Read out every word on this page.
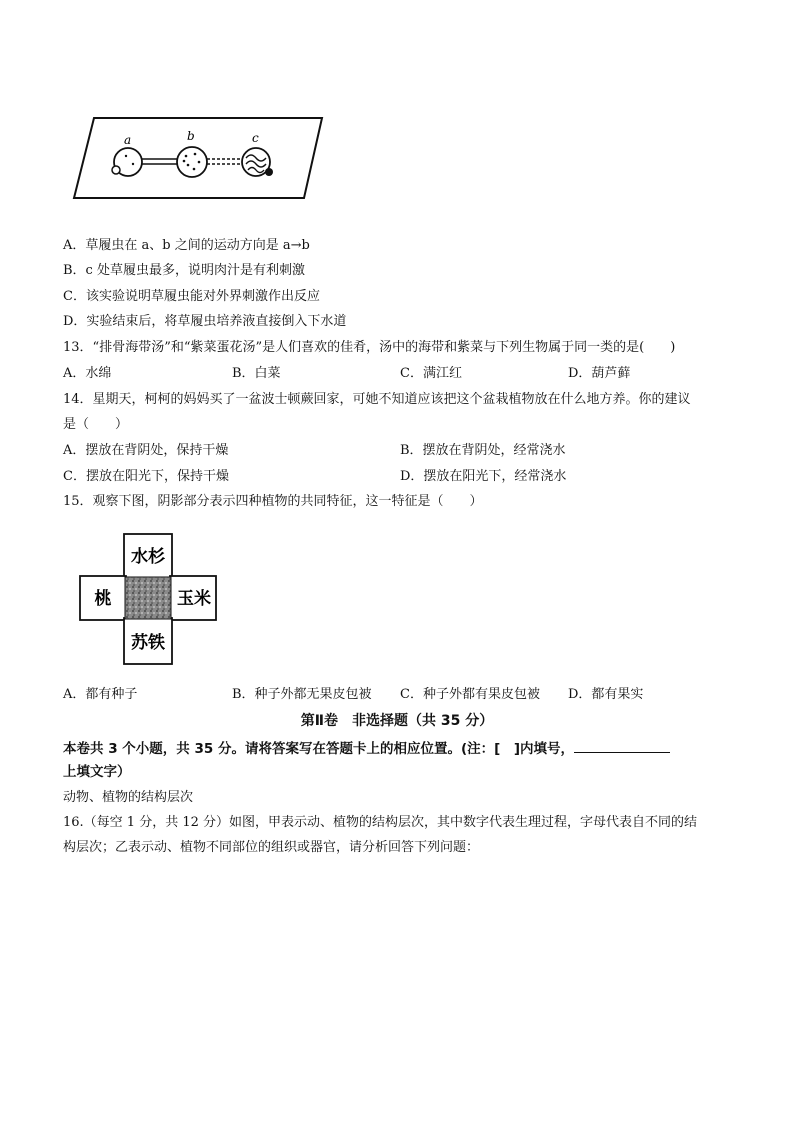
a	b	c
A．草履虫在 a、b 之间的运动方向是 a→b
B．c 处草履虫最多，说明肉汁是有利刺激
C．该实验说明草履虫能对外界刺激作出反应
D．实验结束后，将草履虫培养液直接倒入下水道
13．“排骨海带汤”和“紫菜蛋花汤”是人们喜欢的佳肴，汤中的海带和紫菜与下列生物属于同一类的是(　　)
A．水绵	B．白菜	C．满江红	D．葫芦藓
14．星期天，柯柯的妈妈买了一盆波士顿蕨回家，可她不知道应该把这个盆栽植物放在什么地方养。你的建议
是（　　）
A．摆放在背阴处，保持干燥	B．摆放在背阴处，经常浇水
C．摆放在阳光下，保持干燥	D．摆放在阳光下，经常浇水
15．观察下图，阴影部分表示四种植物的共同特征，这一特征是（　　）
水杉
桃	玉米
苏铁
A．都有种子	B．种子外都无果皮包被 C．种子外都有果皮包被 D．都有果实
第Ⅱ卷　非选择题（共 35 分）
本卷共 3 个小题，共 35 分。请将答案写在答题卡上的相应位置。(注：[　]内填号，
上填文字）
动物、植物的结构层次
16.（每空 1 分，共 12 分）如图，甲表示动、植物的结构层次，其中数字代表生理过程，字母代表自不同的结
构层次；乙表示动、植物不同部位的组织或器官，请分析回答下列问题：
